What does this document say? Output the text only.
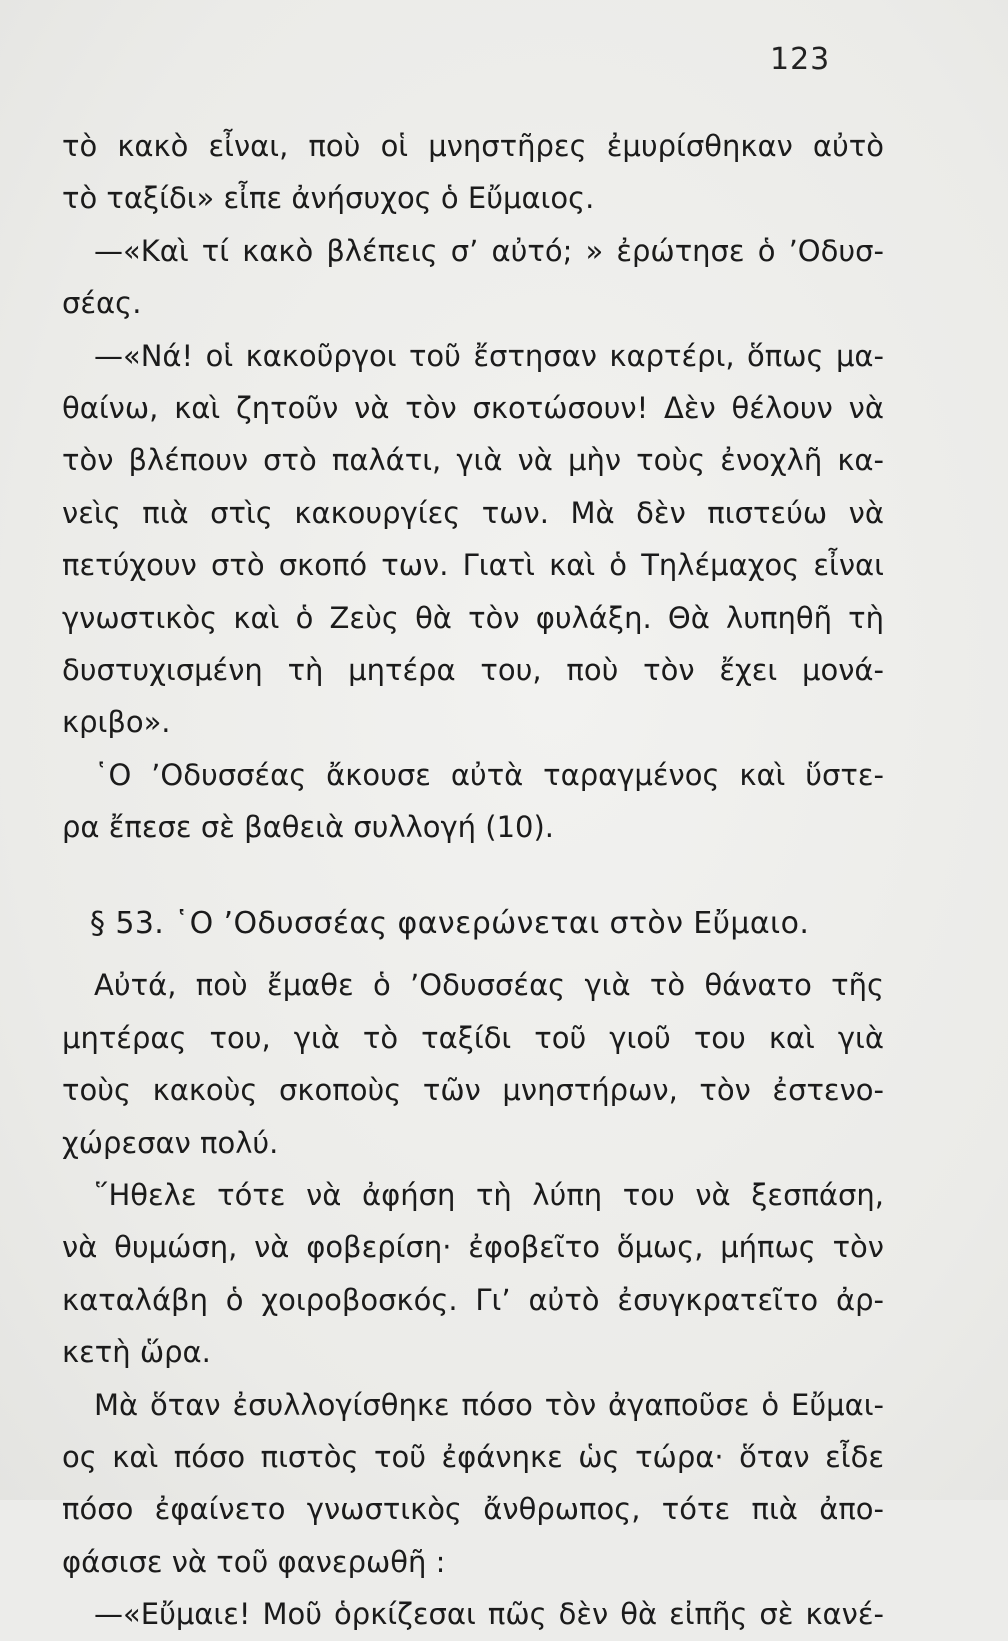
123
τὸ κακὸ εἶναι, ποὺ οἱ μνηστῆρες ἐμυρίσθηκαν αὐτὸ
τὸ ταξίδι» εἶπε ἀνήσυχος ὁ Εὔμαιος.
—«Καὶ τί κακὸ βλέπεις σ’ αὐτό; » ἐρώτησε ὁ ’Οδυσ-
σέας.
—«Νά! οἱ κακοῦργοι τοῦ ἔστησαν καρτέρι, ὅπως μα-
θαίνω, καὶ ζητοῦν νὰ τὸν σκοτώσουν! Δὲν θέλουν νὰ
τὸν βλέπουν στὸ παλάτι, γιὰ νὰ μὴν τοὺς ἐνοχλῆ κα-
νεὶς πιὰ στὶς κακουργίες των. Μὰ δὲν πιστεύω νὰ
πετύχουν στὸ σκοπό των. Γιατὶ καὶ ὁ Τηλέμαχος εἶναι
γνωστικὸς καὶ ὁ Ζεὺς θὰ τὸν φυλάξη. Θὰ λυπηθῆ τὴ
δυστυχισμένη τὴ μητέρα του, ποὺ τὸν ἔχει μονά-
κριβο».
῾Ο ’Οδυσσέας ἄκουσε αὐτὰ ταραγμένος καὶ ὕστε-
ρα ἔπεσε σὲ βαθειὰ συλλογή (10).
§ 53. ῾Ο ’Οδυσσέας φανερώνεται στὸν Εὔμαιο.
Αὐτά, ποὺ ἔμαθε ὁ ’Οδυσσέας γιὰ τὸ θάνατο τῆς
μητέρας του, γιὰ τὸ ταξίδι τοῦ γιοῦ του καὶ γιὰ
τοὺς κακοὺς σκοποὺς τῶν μνηστήρων, τὸν ἐστενο-
χώρεσαν πολύ.
῞Ηθελε τότε νὰ ἀφήση τὴ λύπη του νὰ ξεσπάση,
νὰ θυμώση, νὰ φοβερίση· ἐφοβεῖτο ὅμως, μήπως τὸν
καταλάβη ὁ χοιροβοσκός. Γι’ αὐτὸ ἐσυγκρατεῖτο ἀρ-
κετὴ ὥρα.
Μὰ ὅταν ἐσυλλογίσθηκε πόσο τὸν ἀγαποῦσε ὁ Εὔμαι-
ος καὶ πόσο πιστὸς τοῦ ἐφάνηκε ὡς τώρα· ὅταν εἶδε
πόσο ἐφαίνετο γνωστικὸς ἄνθρωπος, τότε πιὰ ἀπο-
φάσισε νὰ τοῦ φανερωθῆ :
—«Εὔμαιε! Μοῦ ὁρκίζεσαι πῶς δὲν θὰ εἰπῆς σὲ κανέ-
